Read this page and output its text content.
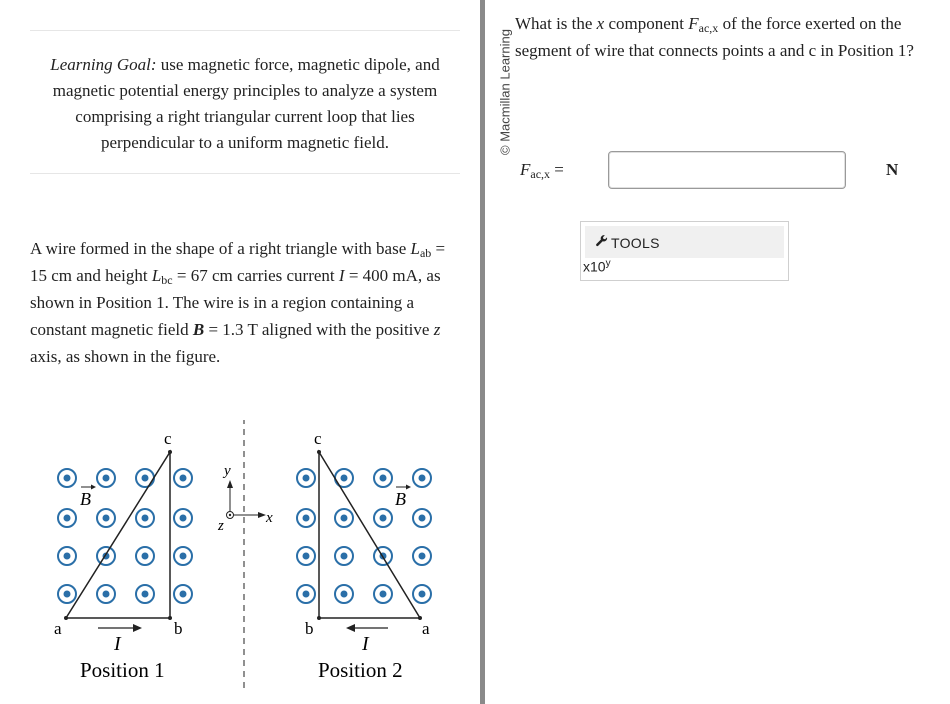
Learning Goal: use magnetic force, magnetic dipole, and magnetic potential energy principles to analyze a system comprising a right triangular current loop that lies perpendicular to a uniform magnetic field.
A wire formed in the shape of a right triangle with base $L_{ab} = 15$ cm and height $L_{bc} = 67$ cm carries current I = 400 mA, as shown in Position 1. The wire is in a region containing a constant magnetic field B = 1.3 T aligned with the positive z axis, as shown in the figure.
c
a	b
I
B
Position 1
y
x
z
c
b	a
I
B
Position 2
© Macmillan Learning
What is the x component $F_{ac,x}$ of the force exerted on the segment of wire that connects points a and c in Position 1?
$F_{ac,x}$ =	N
TOOLS
x10$^y$
